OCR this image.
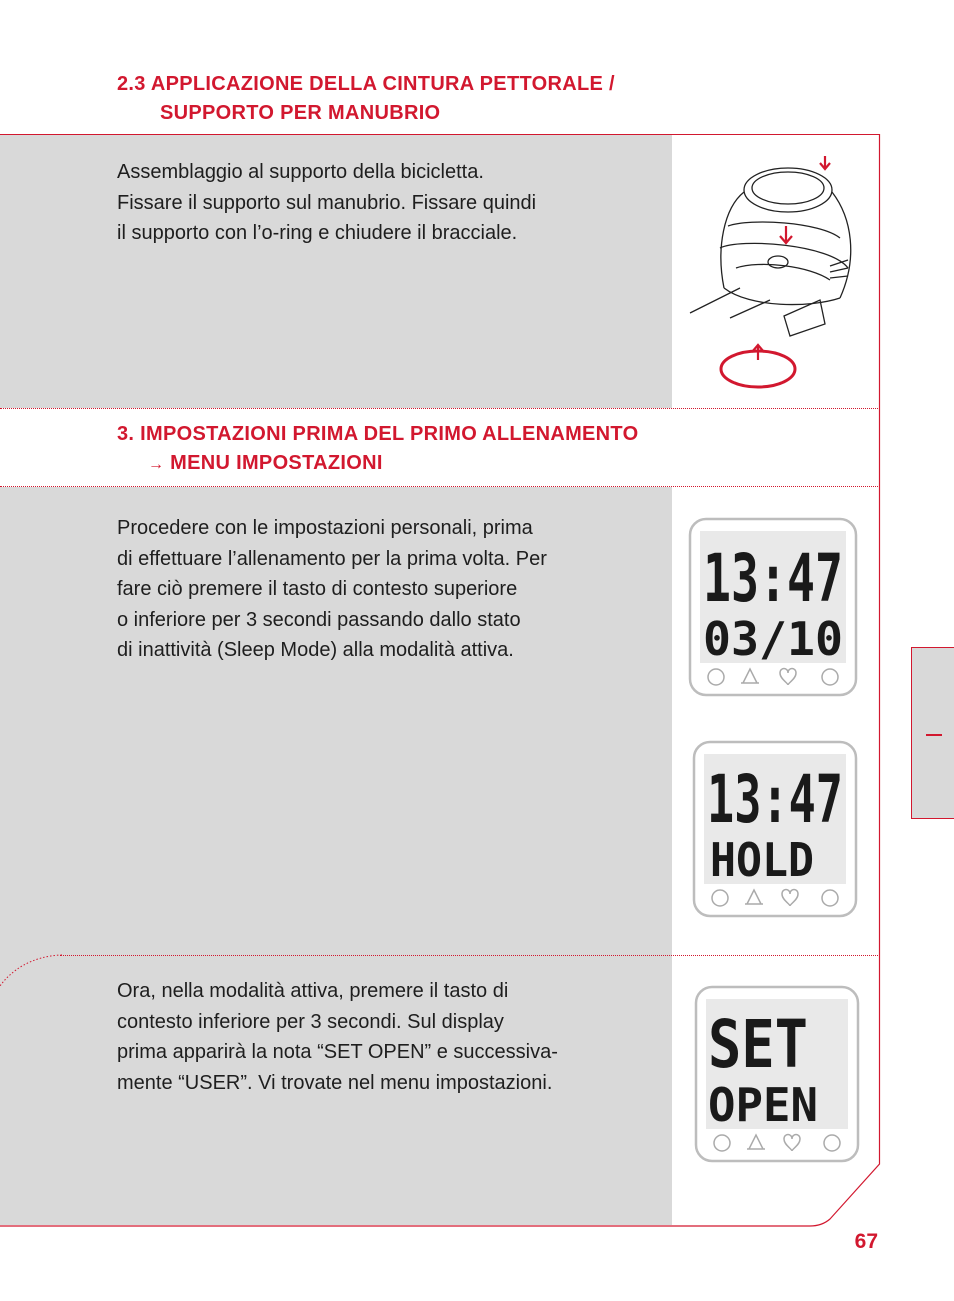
2.3 APPLICAZIONE DELLA CINTURA PETTORALE /
SUPPORTO PER MANUBRIO
Assemblaggio al supporto della bicicletta.
Fissare il supporto sul manubrio. Fissare quindi
il supporto con l’o-ring e chiudere il bracciale.
3. IMPOSTAZIONI PRIMA DEL PRIMO ALLENAMENTO
→ MENU IMPOSTAZIONI
Procedere con le impostazioni personali, prima
di effettuare l’allenamento per la prima volta. Per
fare ciò premere il tasto di contesto superiore
o inferiore per 3 secondi passando dallo stato
di inattività (Sleep Mode) alla modalità attiva.
Ora, nella modalità attiva, premere il tasto di
contesto inferiore per 3 secondi. Sul display
prima apparirà la nota “SET OPEN” e successiva-
mente “USER”. Vi trovate nel menu impostazioni.
13:47
03/10
13:47
HOLD
SET
OPEN
67
